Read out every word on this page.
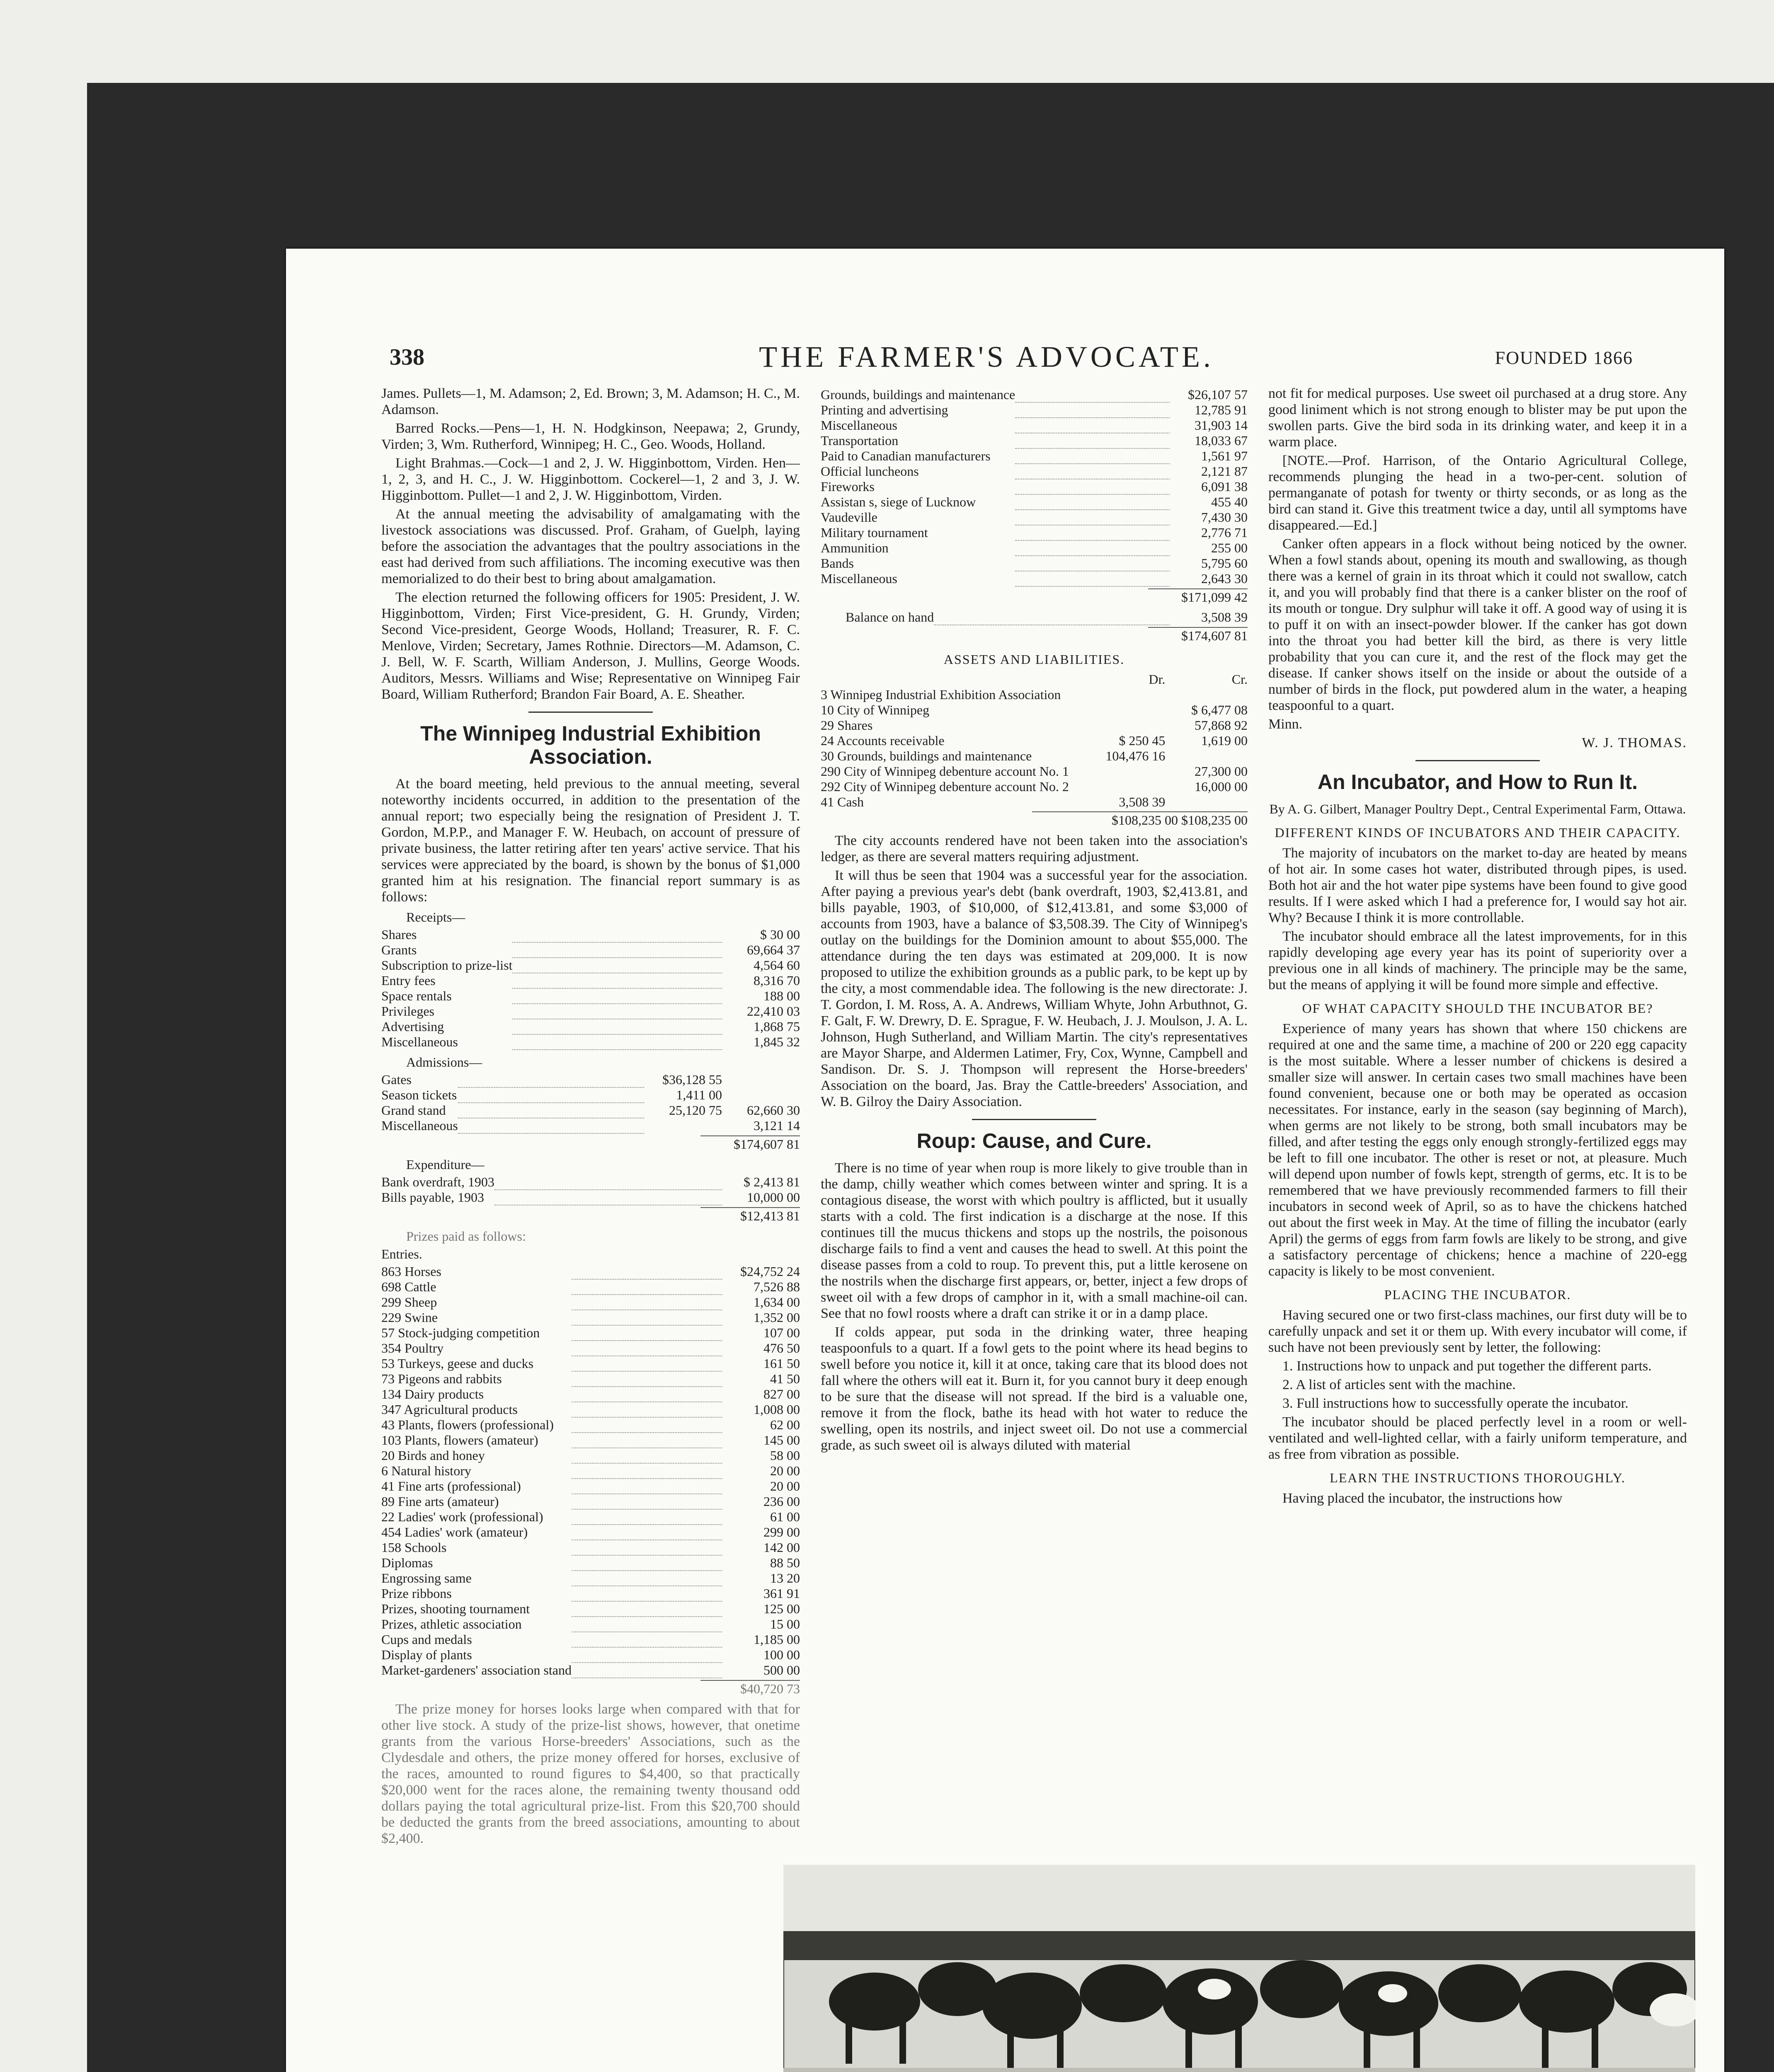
338	THE FARMER'S ADVOCATE.	FOUNDED 1866

James. Pullets—1, M. Adamson; 2, Ed. Brown; 3, M. Adamson; H. C., M. Adamson.

Barred Rocks.—Pens—1, H. N. Hodgkinson, Neepawa; 2, Grundy, Virden; 3, Wm. Rutherford, Winnipeg; H. C., Geo. Woods, Holland.

Light Brahmas.—Cock—1 and 2, J. W. Higginbottom, Virden. Hen—1, 2, 3, and H. C., J. W. Higginbottom. Cockerel—1, 2 and 3, J. W. Higginbottom. Pullet—1 and 2, J. W. Higginbottom, Virden.

At the annual meeting the advisability of amalgamating with the livestock associations was discussed. Prof. Graham, of Guelph, laying before the association the advantages that the poultry associations in the east had derived from such affiliations. The incoming executive was then memorialized to do their best to bring about amalgamation.

The election returned the following officers for 1905: President, J. W. Higginbottom, Virden; First Vice-president, G. H. Grundy, Virden; Second Vice-president, George Woods, Holland; Treasurer, R. F. C. Menlove, Virden; Secretary, James Rothnie. Directors—M. Adamson, C. J. Bell, W. F. Scarth, William Anderson, J. Mullins, George Woods. Auditors, Messrs. Williams and Wise; Representative on Winnipeg Fair Board, William Rutherford; Brandon Fair Board, A. E. Sheather.

The Winnipeg Industrial Exhibition Association.

At the board meeting, held previous to the annual meeting, several noteworthy incidents occurred, in addition to the presentation of the annual report; two especially being the resignation of President J. T. Gordon, M.P.P., and Manager F. W. Heubach, on account of pressure of private business, the latter retiring after ten years' active service. That his services were appreciated by the board, is shown by the bonus of $1,000 granted him at his resignation. The financial report summary is as follows:

Receipts—
Shares		$ 30 00
Grants		69,664 37
Subscription to prize-list		4,564 60
Entry fees		8,316 70
Space rentals		188 00
Privileges		22,410 03
Advertising		1,868 75
Miscellaneous		1,845 32
Admissions—
Gates		$36,128 55	
Season tickets		1,411 00	
Grand stand		25,120 75	62,660 30
Miscellaneous			3,121 14
$174,607 81
Expenditure—
Bank overdraft, 1903		$ 2,413 81
Bills payable, 1903		10,000 00
$12,413 81
Prizes paid as follows:
Entries.
863 Horses		$24,752 24
698 Cattle		7,526 88
299 Sheep		1,634 00
229 Swine		1,352 00
57 Stock-judging competition		107 00
354 Poultry		476 50
53 Turkeys, geese and ducks		161 50
73 Pigeons and rabbits		41 50
134 Dairy products		827 00
347 Agricultural products		1,008 00
43 Plants, flowers (professional)		62 00
103 Plants, flowers (amateur)		145 00
20 Birds and honey		58 00
6 Natural history		20 00
41 Fine arts (professional)		20 00
89 Fine arts (amateur)		236 00
22 Ladies' work (professional)		61 00
454 Ladies' work (amateur)		299 00
158 Schools		142 00
Diplomas		88 50
Engrossing same		13 20
Prize ribbons		361 91
Prizes, shooting tournament		125 00
Prizes, athletic association		15 00
Cups and medals		1,185 00
Display of plants		100 00
Market-gardeners' association stand		500 00
$40,720 73

The prize money for horses looks large when compared with that for other live stock. A study of the prize-list shows, however, that onetime grants from the various Horse-breeders' Associations, such as the Clydesdale and others, the prize money offered for horses, exclusive of the races, amounted to round figures to $4,400, so that practically $20,000 went for the races alone, the remaining twenty thousand odd dollars paying the total agricultural prize-list. From this $20,700 should be deducted the grants from the breed associations, amounting to about $2,400.

Grounds, buildings and maintenance		$26,107 57
Printing and advertising		12,785 91
Miscellaneous		31,903 14
Transportation		18,033 67
Paid to Canadian manufacturers		1,561 97
Official luncheons		2,121 87
Fireworks		6,091 38
Assistan s, siege of Lucknow		455 40
Vaudeville		7,430 30
Military tournament		2,776 71
Ammunition		255 00
Bands		5,795 60
Miscellaneous		2,643 30
$171,099 42
Balance on hand		3,508 39
$174,607 81
ASSETS AND LIABILITIES.
	Dr.	Cr.
3 Winnipeg Industrial Exhibition Association		
10 City of Winnipeg		$ 6,477 08
29 Shares		57,868 92
24 Accounts receivable	$ 250 45	1,619 00
30 Grounds, buildings and maintenance	104,476 16	
290 City of Winnipeg debenture account No. 1		27,300 00
292 City of Winnipeg debenture account No. 2		16,000 00
41 Cash	3,508 39	
$108,235 00 $108,235 00

The city accounts rendered have not been taken into the association's ledger, as there are several matters requiring adjustment.

It will thus be seen that 1904 was a successful year for the association. After paying a previous year's debt (bank overdraft, 1903, $2,413.81, and bills payable, 1903, of $10,000, of $12,413.81, and some $3,000 of accounts from 1903, have a balance of $3,508.39. The City of Winnipeg's outlay on the buildings for the Dominion amount to about $55,000. The attendance during the ten days was estimated at 209,000. It is now proposed to utilize the exhibition grounds as a public park, to be kept up by the city, a most commendable idea. The following is the new directorate: J. T. Gordon, I. M. Ross, A. A. Andrews, William Whyte, John Arbuthnot, G. F. Galt, F. W. Drewry, D. E. Sprague, F. W. Heubach, J. J. Moulson, J. A. L. Johnson, Hugh Sutherland, and William Martin. The city's representatives are Mayor Sharpe, and Aldermen Latimer, Fry, Cox, Wynne, Campbell and Sandison. Dr. S. J. Thompson will represent the Horse-breeders' Association on the board, Jas. Bray the Cattle-breeders' Association, and W. B. Gilroy the Dairy Association.

Roup: Cause, and Cure.

There is no time of year when roup is more likely to give trouble than in the damp, chilly weather which comes between winter and spring. It is a contagious disease, the worst with which poultry is afflicted, but it usually starts with a cold. The first indication is a discharge at the nose. If this continues till the mucus thickens and stops up the nostrils, the poisonous discharge fails to find a vent and causes the head to swell. At this point the disease passes from a cold to roup. To prevent this, put a little kerosene on the nostrils when the discharge first appears, or, better, inject a few drops of sweet oil with a few drops of camphor in it, with a small machine-oil can. See that no fowl roosts where a draft can strike it or in a damp place.

If colds appear, put soda in the drinking water, three heaping teaspoonfuls to a quart. If a fowl gets to the point where its head begins to swell before you notice it, kill it at once, taking care that its blood does not fall where the others will eat it. Burn it, for you cannot bury it deep enough to be sure that the disease will not spread. If the bird is a valuable one, remove it from the flock, bathe its head with hot water to reduce the swelling, open its nostrils, and inject sweet oil. Do not use a commercial grade, as such sweet oil is always diluted with material

not fit for medical purposes. Use sweet oil purchased at a drug store. Any good liniment which is not strong enough to blister may be put upon the swollen parts. Give the bird soda in its drinking water, and keep it in a warm place.

[NOTE.—Prof. Harrison, of the Ontario Agricultural College, recommends plunging the head in a two-per-cent. solution of permanganate of potash for twenty or thirty seconds, or as long as the bird can stand it. Give this treatment twice a day, until all symptoms have disappeared.—Ed.]

Canker often appears in a flock without being noticed by the owner. When a fowl stands about, opening its mouth and swallowing, as though there was a kernel of grain in its throat which it could not swallow, catch it, and you will probably find that there is a canker blister on the roof of its mouth or tongue. Dry sulphur will take it off. A good way of using it is to puff it on with an insect-powder blower. If the canker has got down into the throat you had better kill the bird, as there is very little probability that you can cure it, and the rest of the flock may get the disease. If canker shows itself on the inside or about the outside of a number of birds in the flock, put powdered alum in the water, a heaping teaspoonful to a quart.

Minn.
W. J. THOMAS.
An Incubator, and How to Run It.
By A. G. Gilbert, Manager Poultry Dept., Central Experimental Farm, Ottawa.
DIFFERENT KINDS OF INCUBATORS AND THEIR CAPACITY.

The majority of incubators on the market to-day are heated by means of hot air. In some cases hot water, distributed through pipes, is used. Both hot air and the hot water pipe systems have been found to give good results. If I were asked which I had a preference for, I would say hot air. Why? Because I think it is more controllable.

The incubator should embrace all the latest improvements, for in this rapidly developing age every year has its point of superiority over a previous one in all kinds of machinery. The principle may be the same, but the means of applying it will be found more simple and effective.

OF WHAT CAPACITY SHOULD THE INCUBATOR BE?

Experience of many years has shown that where 150 chickens are required at one and the same time, a machine of 200 or 220 egg capacity is the most suitable. Where a lesser number of chickens is desired a smaller size will answer. In certain cases two small machines have been found convenient, because one or both may be operated as occasion necessitates. For instance, early in the season (say beginning of March), when germs are not likely to be strong, both small incubators may be filled, and after testing the eggs only enough strongly-fertilized eggs may be left to fill one incubator. The other is reset or not, at pleasure. Much will depend upon number of fowls kept, strength of germs, etc. It is to be remembered that we have previously recommended farmers to fill their incubators in second week of April, so as to have the chickens hatched out about the first week in May. At the time of filling the incubator (early April) the germs of eggs from farm fowls are likely to be strong, and give a satisfactory percentage of chickens; hence a machine of 220-egg capacity is likely to be most convenient.

PLACING THE INCUBATOR.

Having secured one or two first-class machines, our first duty will be to carefully unpack and set it or them up. With every incubator will come, if such have not been previously sent by letter, the following:

1. Instructions how to unpack and put together the different parts.

2. A list of articles sent with the machine.

3. Full instructions how to successfully operate the incubator.

The incubator should be placed perfectly level in a room or well-ventilated and well-lighted cellar, with a fairly uniform temperature, and as free from vibration as possible.

LEARN THE INSTRUCTIONS THOROUGHLY.

Having placed the incubator, the instructions how
